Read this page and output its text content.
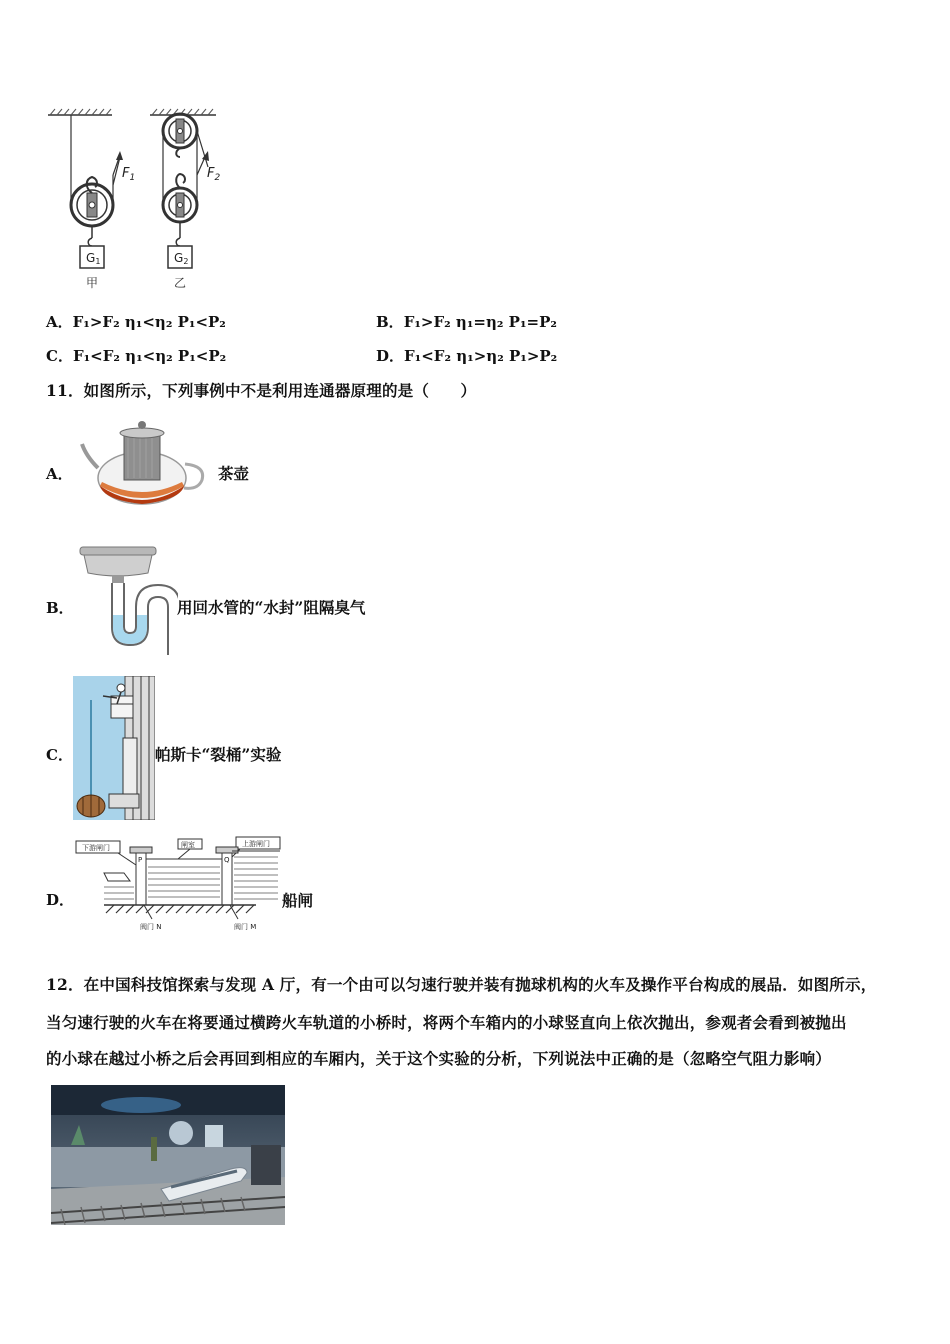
$F_1$
G1
甲
$F_2$
G2
乙
A．F₁>F₂ η₁<η₂ P₁<P₂	B．F₁>F₂ η₁=η₂ P₁=P₂
C．F₁<F₂ η₁<η₂ P₁<P₂	D．F₁<F₂ η₁>η₂ P₁>P₂
11．如图所示，下列事例中不是利用连通器原理的是（　　）
A．	茶壶
B．	用回水管的“水封”阻隔臭气
C．	帕斯卡“裂桶”实验
D．
下游闸门	闸室	上游闸门
P	Q
阀门 N	阀门 M
船闸
12．在中国科技馆探索与发现 A 厅，有一个由可以匀速行驶并装有抛球机构的火车及操作平台构成的展品．如图所示，
当匀速行驶的火车在将要通过横跨火车轨道的小桥时，将两个车箱内的小球竖直向上依次抛出，参观者会看到被抛出
的小球在越过小桥之后会再回到相应的车厢内，关于这个实验的分析，下列说法中正确的是（忽略空气阻力影响）
